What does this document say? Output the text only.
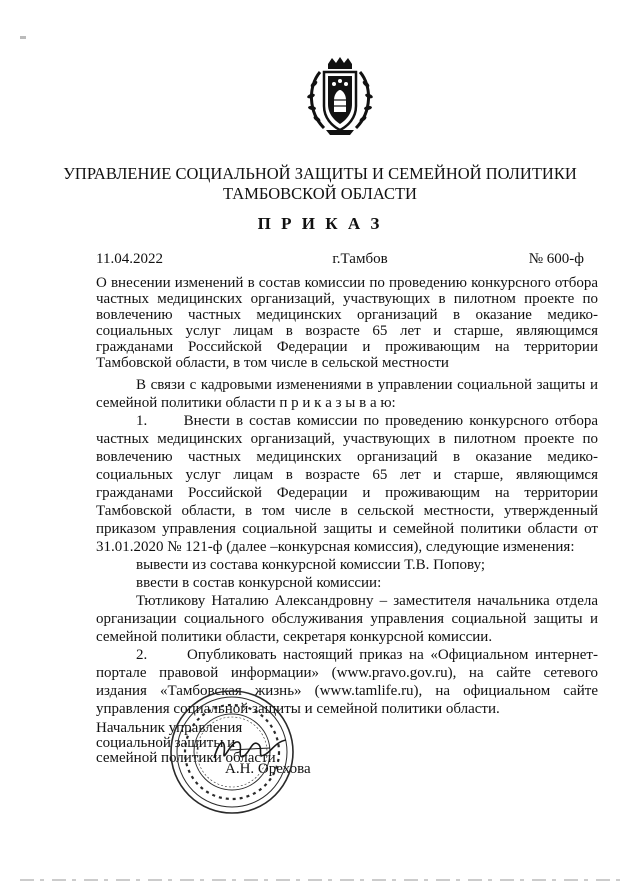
УПРАВЛЕНИЕ СОЦИАЛЬНОЙ ЗАЩИТЫ И СЕМЕЙНОЙ ПОЛИТИКИ
ТАМБОВСКОЙ ОБЛАСТИ
П Р И К А З
11.04.2022	г.Тамбов	№ 600-ф
О внесении изменений в состав комиссии по проведению конкурсного отбора частных медицинских организаций, участвующих в пилотном проекте по вовлечению частных медицинских организаций в оказание медико-социальных услуг лицам в возрасте 65 лет и старше, являющимся гражданами Российской Федерации и проживающим на территории Тамбовской области, в том числе в сельской местности

В связи с кадровыми изменениями в управлении социальной защиты и семейной политики области п р и к а з ы в а ю:

1.      Внести в состав комиссии по проведению конкурсного отбора частных медицинских организаций, участвующих в пилотном проекте по вовлечению частных медицинских организаций в оказание медико-социальных услуг лицам в возрасте 65 лет и старше, являющимся гражданами Российской Федерации и проживающим на территории Тамбовской области, в том числе в сельской местности, утвержденный приказом управления социальной защиты и семейной политики области от 31.01.2020 № 121-ф (далее –конкурсная комиссия), следующие изменения:

вывести из состава конкурсной комиссии Т.В. Попову;

ввести в состав конкурсной комиссии:

Тютликову Наталию Александровну – заместителя начальника отдела организации социального обслуживания управления социальной защиты и семейной политики области, секретаря конкурсной комиссии.

2.      Опубликовать настоящий приказ на «Официальном интернет-портале правовой информации» (www.pravo.gov.ru), на сайте сетевого издания «Тамбовская жизнь» (www.tamlife.ru), на официальном сайте управления социальной защиты и семейной политики области.

Начальник управления
социальной защиты и
семейной политики области
А.Н. Орехова
